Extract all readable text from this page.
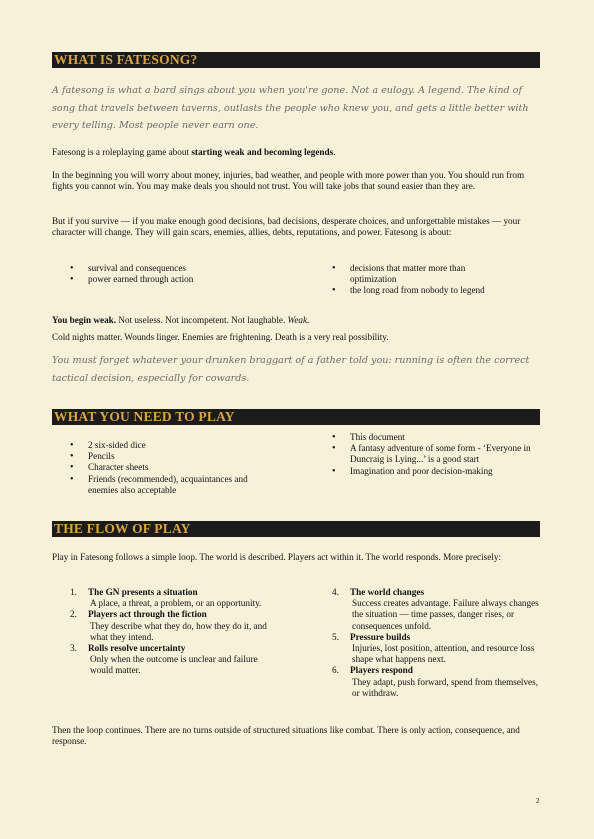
WHAT IS FATESONG?
A fatesong is what a bard sings about you when you're gone. Not a eulogy. A legend. The kind of song that travels between taverns, outlasts the people who knew you, and gets a little better with every telling. Most people never earn one.

Fatesong is a roleplaying game about starting weak and becoming legends.

In the beginning you will worry about money, injuries, bad weather, and people with more power than you. You should run from fights you cannot win. You may make deals you should not trust. You will take jobs that sound easier than they are.

But if you survive — if you make enough good decisions, bad decisions, desperate choices, and unforgettable mistakes — your character will change. They will gain scars, enemies, allies, debts, reputations, and power. Fatesong is about:

• survival and consequences
• power earned through action
• decisions that matter more than optimization
• the long road from nobody to legend

You begin weak. Not useless. Not incompetent. Not laughable. Weak.

Cold nights matter. Wounds linger. Enemies are frightening. Death is a very real possibility.

You must forget whatever your drunken braggart of a father told you: running is often the correct tactical decision, especially for cowards.
WHAT YOU NEED TO PLAY
• 2 six-sided dice
• Pencils
• Character sheets
• Friends (recommended), acquaintances and enemies also acceptable
• This document
• A fantasy adventure of some form - ‘Everyone in Duncraig is Lying...’ is a good start
• Imagination and poor decision-making
THE FLOW OF PLAY

Play in Fatesong follows a simple loop. The world is described. Players act within it. The world responds. More precisely:

1. The GN presents a situation
A place, a threat, a problem, or an opportunity.
2. Players act through the fiction
They describe what they do, how they do it, and what they intend.
3. Rolls resolve uncertainty
Only when the outcome is unclear and failure would matter.
4. The world changes
Success creates advantage. Failure always changes the situation — time passes, danger rises, or consequences unfold.
5. Pressure builds
Injuries, lost position, attention, and resource loss shape what happens next.
6. Players respond
They adapt, push forward, spend from themselves, or withdraw.

Then the loop continues. There are no turns outside of structured situations like combat. There is only action, consequence, and response.

2
